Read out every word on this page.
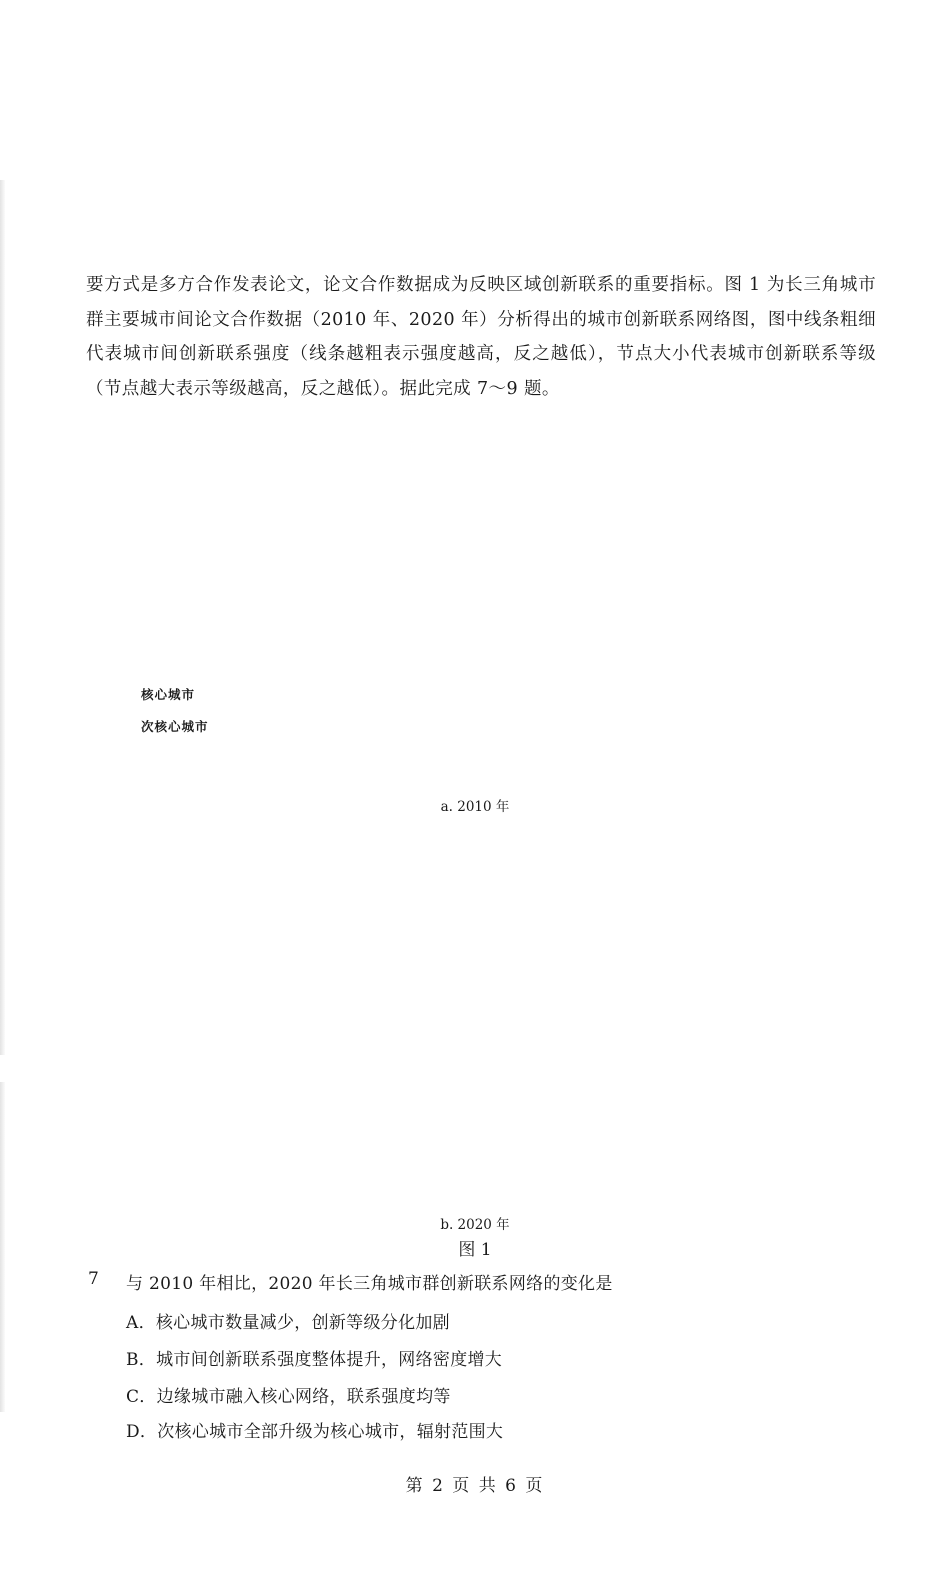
要方式是多方合作发表论文，论文合作数据成为反映区域创新联系的重要指标。图 1 为长三角城市群主要城市间论文合作数据（2010 年、2020 年）分析得出的城市创新联系网络图，图中线条粗细代表城市间创新联系强度（线条越粗表示强度越高，反之越低），节点大小代表城市创新联系等级（节点越大表示等级越高，反之越低）。据此完成 7～9 题。

核心城市
次核心城市
a. 2010 年
b. 2020 年
图 1
7 与 2010 年相比，2020 年长三角城市群创新联系网络的变化是
A．核心城市数量减少，创新等级分化加剧
B．城市间创新联系强度整体提升，网络密度增大
C．边缘城市融入核心网络，联系强度均等
D．次核心城市全部升级为核心城市，辐射范围大
第 2 页 共 6 页
